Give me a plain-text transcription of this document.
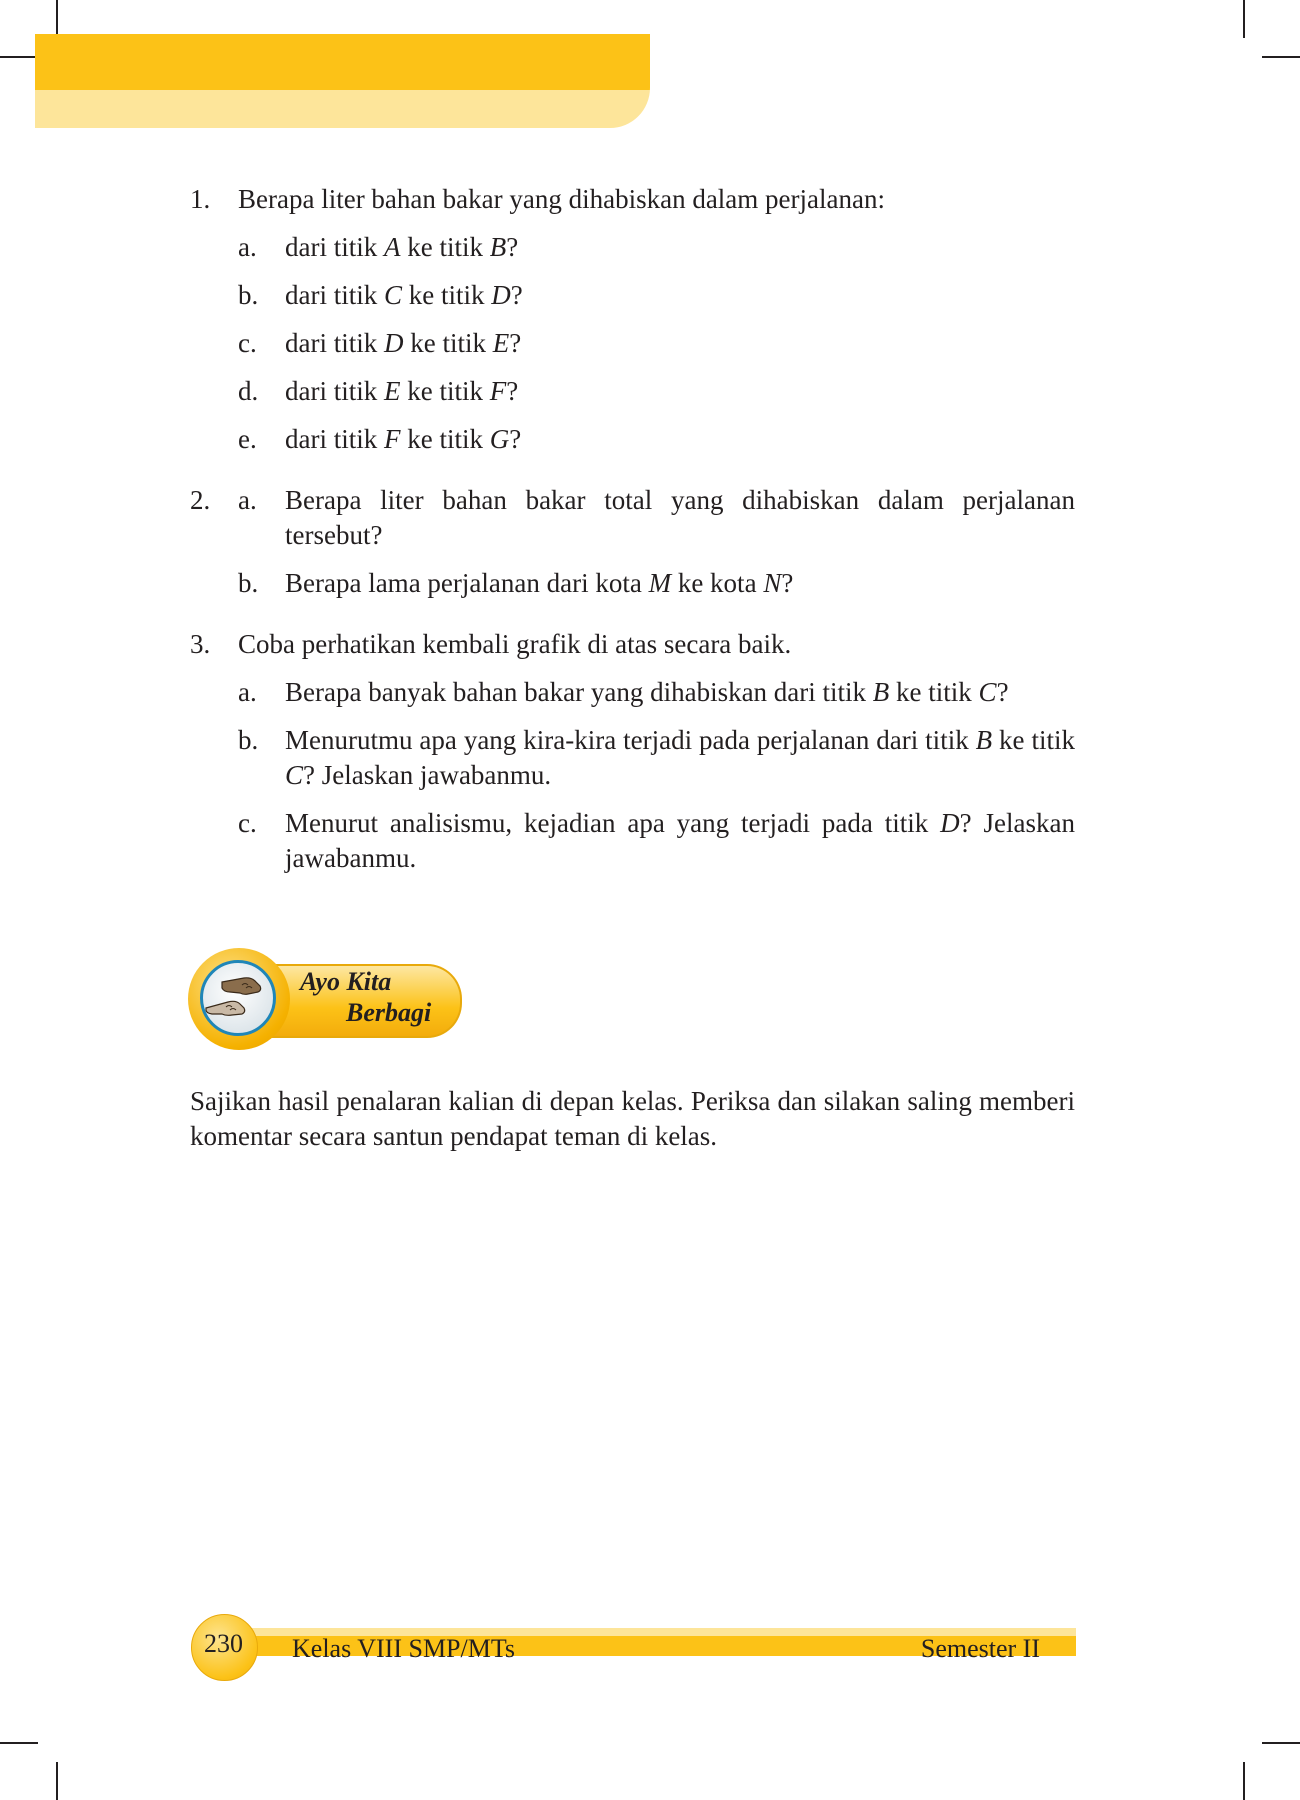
1. Berapa liter bahan bakar yang dihabiskan dalam perjalanan:
a. dari titik A ke titik B?
b. dari titik C ke titik D?
c. dari titik D ke titik E?
d. dari titik E ke titik F?
e. dari titik F ke titik G?
2. a. Berapa liter bahan bakar total yang dihabiskan dalam perjalanan tersebut?
b. Berapa lama perjalanan dari kota M ke kota N?
3. Coba perhatikan kembali grafik di atas secara baik.
a. Berapa banyak bahan bakar yang dihabiskan dari titik B ke titik C?
b. Menurutmu apa yang kira-kira terjadi pada perjalanan dari titik B ke titik C? Jelaskan jawabanmu.
c. Menurut analisismu, kejadian apa yang terjadi pada titik D? Jelaskan jawabanmu.
Ayo Kita
Berbagi
Sajikan hasil penalaran kalian di depan kelas. Periksa dan silakan saling memberi komentar secara santun pendapat teman di kelas.
230	Kelas VIII SMP/MTs	Semester II
